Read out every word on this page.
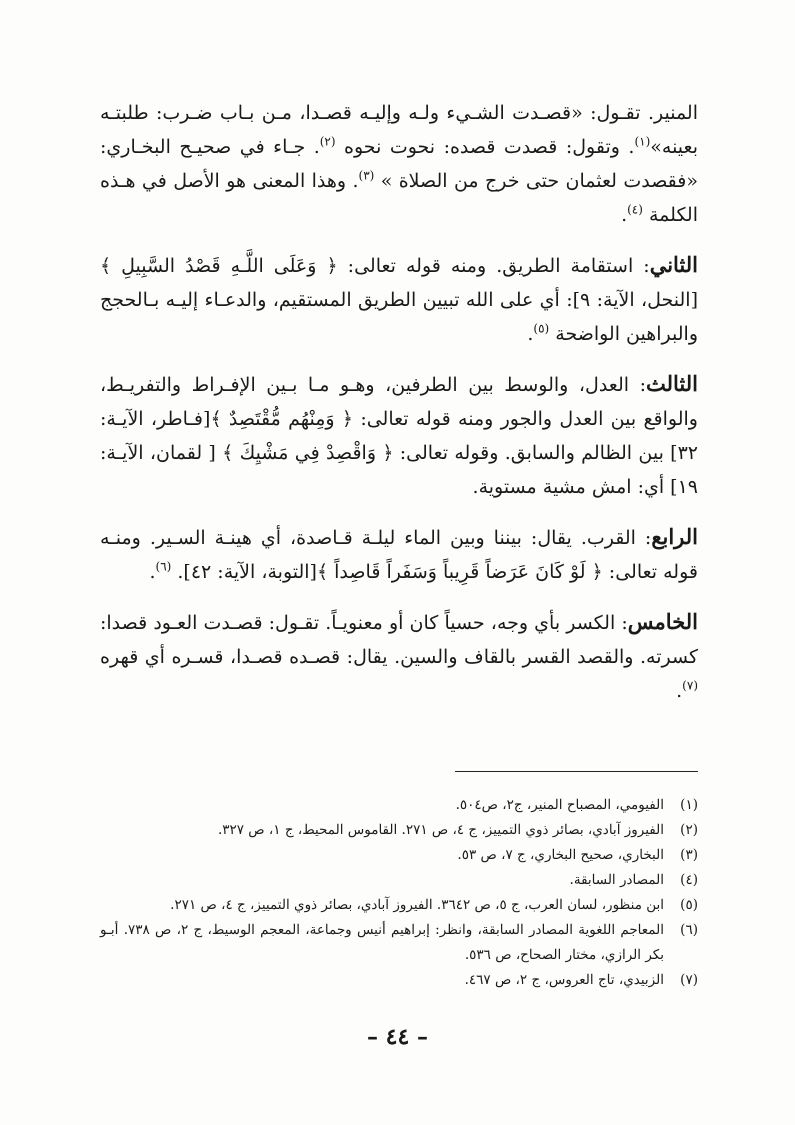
المنير. تقـول: «قصـدت الشـيء ولـه وإليـه قصـدا، مـن بـاب ضـرب: طلبتـه بعينه»$^{(١)}$. وتقول: قصدت قصده: نحوت نحوه $^{(٢)}$. جـاء في صحيـح البخـاري: «فقصدت لعثمان حتى خرج من الصلاة » $^{(٣)}$. وهذا المعنى هو الأصل في هـذه الكلمة $^{(٤)}$.

الثاني: استقامة الطريق. ومنه قوله تعالى: ﴿ وَعَلَى اللَّـهِ قَصْدُ السَّبِيلِ ﴾ [النحل، الآية: ٩]: أي على الله تبيين الطريق المستقيم، والدعـاء إليـه بـالحجج والبراهين الواضحة $^{(٥)}$.

الثالث: العدل، والوسط بين الطرفين، وهـو مـا بـين الإفـراط والتفريـط، والواقع بين العدل والجور ومنه قوله تعالى: ﴿ وَمِنْهُم مُّقْتَصِدٌ ﴾[فـاطر، الآيـة: ٣٢] بين الظالم والسابق. وقوله تعالى: ﴿ وَاقْصِدْ فِي مَشْيِكَ ﴾ [ لقمان، الآيـة: ١٩] أي: امش مشية مستوية.

الرابع: القرب. يقال: بيننا وبين الماء ليلـة قـاصدة، أي هينـة السـير. ومنـه قوله تعالى: ﴿ لَوْ كَانَ عَرَضاً قَرِيباً وَسَفَراً قَاصِداً ﴾[التوبة، الآية: ٤٢]. $^{(٦)}$.

الخامس: الكسر بأي وجه، حسياً كان أو معنويـاً. تقـول: قصـدت العـود قصدا: كسرته. والقصد القسر بالقاف والسين. يقال: قصـده قصـدا، قسـره أي قهره $^{(٧)}$.

(١)
الفيومي، المصباح المنير، ج٢، ص٥٠٤.
(٢)
الفيروز آبادي، بصائر ذوي التمييز، ج ٤، ص ٢٧١. القاموس المحيط، ج ١، ص ٣٢٧.
(٣)
البخاري، صحيح البخاري، ج ٧، ص ٥٣.
(٤)
المصادر السابقة.
(٥)
ابن منظور، لسان العرب، ج ٥، ص ٣٦٤٢. الفيروز آبادي، بصائر ذوي التمييز، ج ٤، ص ٢٧١.
(٦)
المعاجم اللغوية المصادر السابقة، وانظر: إبراهيم أنيس وجماعة، المعجم الوسيط، ج ٢، ص ٧٣٨. أبـو بكر الرازي، مختار الصحاح، ص ٥٣٦.
(٧)
الزبيدي، تاج العروس، ج ٢، ص ٤٦٧.
– ٤٤ –
